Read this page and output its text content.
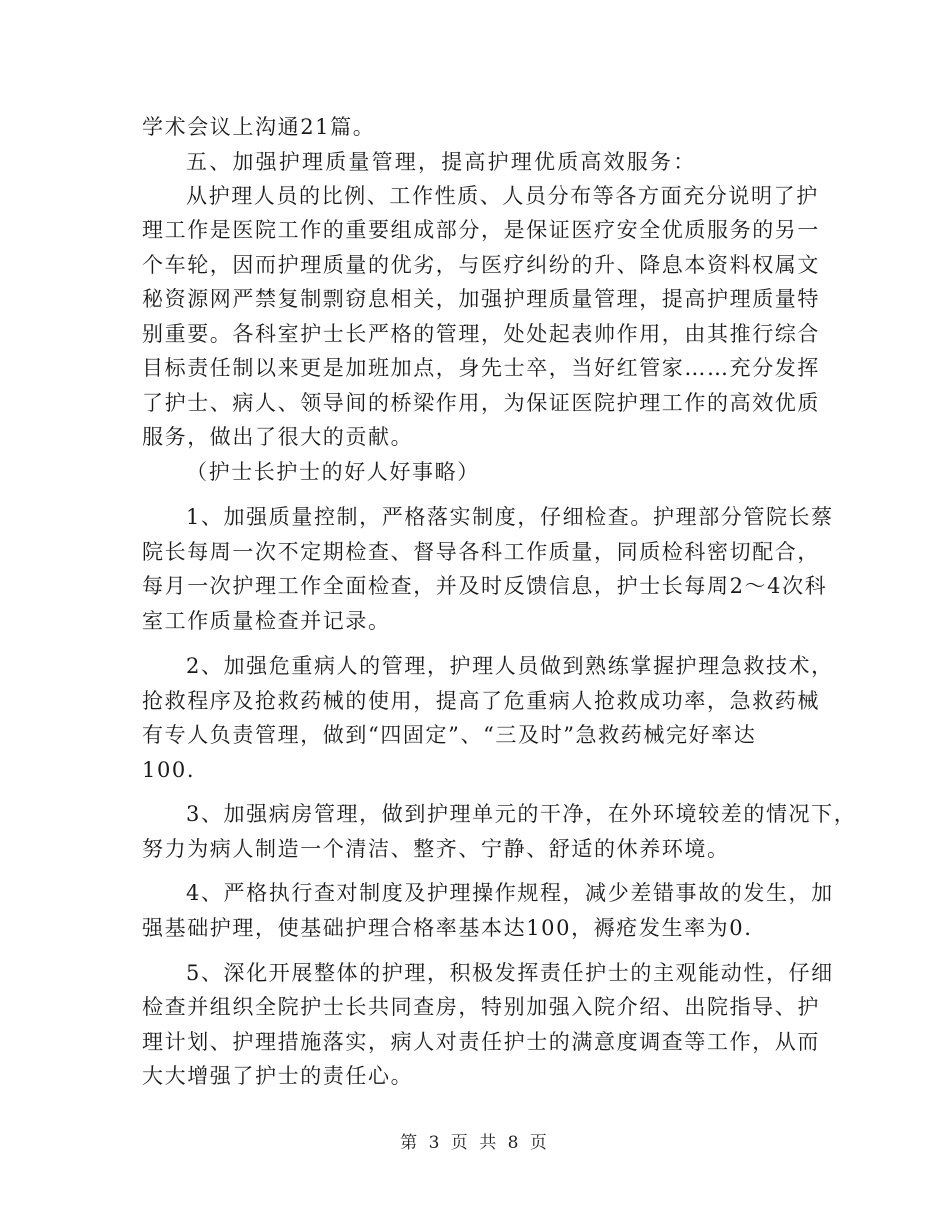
学术会议上沟通21篇。
五、加强护理质量管理，提高护理优质高效服务：
从护理人员的比例、工作性质、人员分布等各方面充分说明了护
理工作是医院工作的重要组成部分，是保证医疗安全优质服务的另一
个车轮，因而护理质量的优劣，与医疗纠纷的升、降息本资料权属文
秘资源网严禁复制剽窃息相关，加强护理质量管理，提高护理质量特
别重要。各科室护士长严格的管理，处处起表帅作用，由其推行综合
目标责任制以来更是加班加点，身先士卒，当好红管家……充分发挥
了护士、病人、领导间的桥梁作用，为保证医院护理工作的高效优质
服务，做出了很大的贡献。
（护士长护士的好人好事略）
1、加强质量控制，严格落实制度，仔细检查。护理部分管院长蔡
院长每周一次不定期检查、督导各科工作质量，同质检科密切配合，
每月一次护理工作全面检查，并及时反馈信息，护士长每周2～4次科
室工作质量检查并记录。
2、加强危重病人的管理，护理人员做到熟练掌握护理急救技术，
抢救程序及抢救药械的使用，提高了危重病人抢救成功率，急救药械
有专人负责管理，做到“四固定”、“三及时”急救药械完好率达
100.
3、加强病房管理，做到护理单元的干净，在外环境较差的情况下，
努力为病人制造一个清洁、整齐、宁静、舒适的休养环境。
4、严格执行查对制度及护理操作规程，减少差错事故的发生，加
强基础护理，使基础护理合格率基本达100，褥疮发生率为0.
5、深化开展整体的护理，积极发挥责任护士的主观能动性，仔细
检查并组织全院护士长共同查房，特别加强入院介绍、出院指导、护
理计划、护理措施落实，病人对责任护士的满意度调查等工作，从而
大大增强了护士的责任心。
第 3 页 共 8 页
